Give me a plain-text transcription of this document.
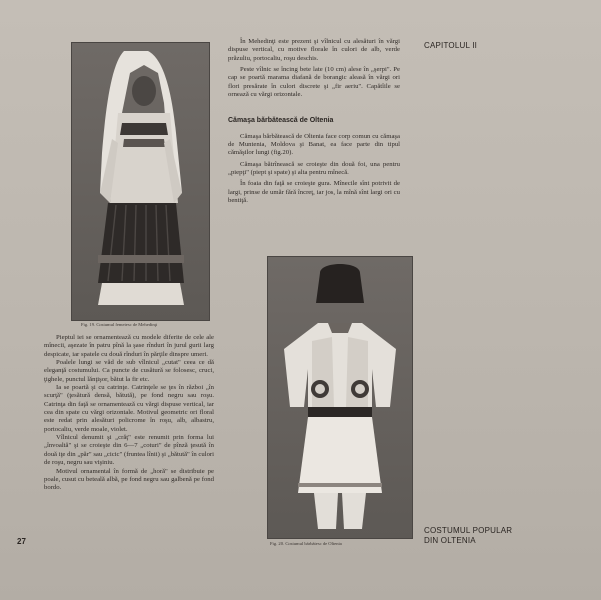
Fig. 19. Costumul femeiesc de Mehedinţi

Pieptul iei se ornamentează cu modele diferite de cele ale mînecii, aşezate în patru pînă la şase rînduri în jurul gurii larg despicate, iar spatele cu două rînduri în părţile dinspre umeri.

Poalele lungi se văd de sub vîlnicul „cutat" ceea ce dă eleganţă costumului. Ca puncte de cusătură se folosesc, cruci, ţighele, punctul lănţişor, bătut la fir etc.

Ia se poartă şi cu catrinţe. Catrinţele se ţes în război „în scurţă" (ţesătură densă, bătută), pe fond negru sau roşu. Catrinţa din faţă se ornamentează cu vărgi dispuse vertical, iar cea din spate cu vărgi orizontale. Motivul geometric ori floral este redat prin alesături policrome în roşu, alb, albastru, portocaliu, verde moale, violet.

Vîlnicul denumit şi „crăţ" este renumit prin forma lui „învoaltă" şi se croieşte din 6—7 „coturi" de pînză ţesută în două iţe din „păr" sau „cicic" (fruntea lînii) şi „bătută" în culori de roşu, negru sau vişiniu.

Motivul ornamental în formă de „horă" se distribuie pe poale, cusut cu beteală albă, pe fond negru sau galbenă pe fond bordo.

27

În Mehedinţi este prezent şi vîlnicul cu alesături în vărgi dispuse vertical, cu motive florale în culori de alb, verde prăzuliu, portocaliu, roşu deschis.

Peste vîlnic se încing bete late (10 cm) alese în „şerpi". Pe cap se poartă marama diafană de borangic aleasă în vărgi ori flori presărate în culori discrete şi „fir aeriu". Capătîile se ornează cu vărgi orizontale.

Cămaşa bărbătească de Oltenia

Cămaşa bărbătească de Oltenia face corp comun cu cămaşa de Muntenia, Moldova şi Banat, ea face parte din tipul cămăşilor lungi (fig.20).

Cămaşa bătrînească se croieşte din două foi, una pentru „piepţi" (piept şi spate) şi alta pentru mînecă.

În foaia din faţă se croieşte gura. Mînecile sînt potrivit de largi, prinse de umăr fără încreţ, iar jos, la mînă sînt largi ori cu bentiţă.

Fig. 20. Costumul bărbătesc de Oltenia
CAPITOLUL II
COSTUMUL POPULAR
DIN OLTENIA
